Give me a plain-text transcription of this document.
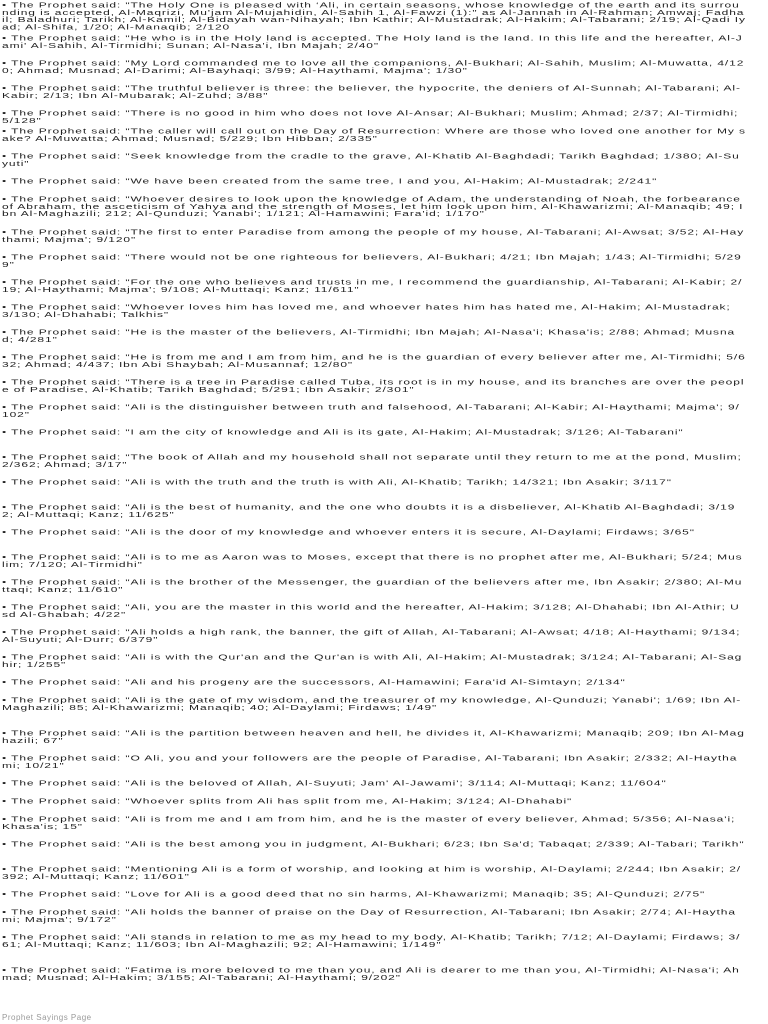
• The Prophet said: "The Holy One is pleased with ‘Ali, in certain seasons, whose knowledge of the earth and its surrounding is accepted, Al-Maqrizi, Mu'jam Al-Mujahidin, Al-Sahih 1, Al-Fawzi (1):" as Al-Jannah in Al-Rahman; Amwaj; Fadhail; Baladhuri; Tarikh; Al-Kamil; Al-Bidayah wan-Nihayah; Ibn Kathir; Al-Mustadrak; Al-Hakim; Al-Tabarani; 2/19; Al-Qadi Iyad; Al-Shifa, 1/20; Al-Manaqib; 2/120
• The Prophet said: "He who is in the Holy land is accepted. The Holy land is the land. In this life and the hereafter, Al-Jami' Al-Sahih, Al-Tirmidhi; Sunan; Al-Nasa'i, Ibn Majah; 2/40"
• The Prophet said: "My Lord commanded me to love all the companions, Al-Bukhari; Al-Sahih, Muslim; Al-Muwatta, 4/120; Ahmad; Musnad; Al-Darimi; Al-Bayhaqi; 3/99; Al-Haythami, Majma'; 1/30"
• The Prophet said: "The truthful believer is three: the believer, the hypocrite, the deniers of Al-Sunnah; Al-Tabarani; Al-Kabir; 2/13; Ibn Al-Mubarak; Al-Zuhd; 3/88"
• The Prophet said: "There is no good in him who does not love Al-Ansar; Al-Bukhari; Muslim; Ahmad; 2/37; Al-Tirmidhi; 5/128"
• The Prophet said: "The caller will call out on the Day of Resurrection: Where are those who loved one another for My sake? Al-Muwatta; Ahmad; Musnad; 5/229; Ibn Hibban; 2/335"
• The Prophet said: "Seek knowledge from the cradle to the grave, Al-Khatib Al-Baghdadi; Tarikh Baghdad; 1/380; Al-Suyuti"
• The Prophet said: "We have been created from the same tree, I and you, Al-Hakim; Al-Mustadrak; 2/241"
• The Prophet said: "Whoever desires to look upon the knowledge of Adam, the understanding of Noah, the forbearance of Abraham, the asceticism of Yahya and the strength of Moses, let him look upon him, Al-Khawarizmi; Al-Manaqib; 49; Ibn Al-Maghazili; 212; Al-Qunduzi; Yanabi'; 1/121; Al-Hamawini; Fara'id; 1/170"
• The Prophet said: "The first to enter Paradise from among the people of my house, Al-Tabarani; Al-Awsat; 3/52; Al-Haythami; Majma'; 9/120"
• The Prophet said: "There would not be one righteous for believers, Al-Bukhari; 4/21; Ibn Majah; 1/43; Al-Tirmidhi; 5/299"
• The Prophet said: "For the one who believes and trusts in me, I recommend the guardianship, Al-Tabarani; Al-Kabir; 2/19; Al-Haythami; Majma'; 9/108; Al-Muttaqi; Kanz; 11/611"
• The Prophet said: "Whoever loves him has loved me, and whoever hates him has hated me, Al-Hakim; Al-Mustadrak; 3/130; Al-Dhahabi; Talkhis"
• The Prophet said: "He is the master of the believers, Al-Tirmidhi; Ibn Majah; Al-Nasa'i; Khasa'is; 2/88; Ahmad; Musnad; 4/281"
• The Prophet said: "He is from me and I am from him, and he is the guardian of every believer after me, Al-Tirmidhi; 5/632; Ahmad; 4/437; Ibn Abi Shaybah; Al-Musannaf; 12/80"
• The Prophet said: "There is a tree in Paradise called Tuba, its root is in my house, and its branches are over the people of Paradise, Al-Khatib; Tarikh Baghdad; 5/291; Ibn Asakir; 2/301"
• The Prophet said: "Ali is the distinguisher between truth and falsehood, Al-Tabarani; Al-Kabir; Al-Haythami; Majma'; 9/102"
• The Prophet said: "I am the city of knowledge and Ali is its gate, Al-Hakim; Al-Mustadrak; 3/126; Al-Tabarani"
• The Prophet said: "The book of Allah and my household shall not separate until they return to me at the pond, Muslim; 2/362; Ahmad; 3/17"
• The Prophet said: "Ali is with the truth and the truth is with Ali, Al-Khatib; Tarikh; 14/321; Ibn Asakir; 3/117"
• The Prophet said: "Ali is the best of humanity, and the one who doubts it is a disbeliever, Al-Khatib Al-Baghdadi; 3/192; Al-Muttaqi; Kanz; 11/625"
• The Prophet said: "Ali is the door of my knowledge and whoever enters it is secure, Al-Daylami; Firdaws; 3/65"
• The Prophet said: "Ali is to me as Aaron was to Moses, except that there is no prophet after me, Al-Bukhari; 5/24; Muslim; 7/120; Al-Tirmidhi"
• The Prophet said: "Ali is the brother of the Messenger, the guardian of the believers after me, Ibn Asakir; 2/380; Al-Muttaqi; Kanz; 11/610"
• The Prophet said: "Ali, you are the master in this world and the hereafter, Al-Hakim; 3/128; Al-Dhahabi; Ibn Al-Athir; Usd Al-Ghabah; 4/22"
• The Prophet said: "Ali holds a high rank, the banner, the gift of Allah, Al-Tabarani; Al-Awsat; 4/18; Al-Haythami; 9/134; Al-Suyuti; Al-Durr; 6/379"
• The Prophet said: "Ali is with the Qur'an and the Qur'an is with Ali, Al-Hakim; Al-Mustadrak; 3/124; Al-Tabarani; Al-Saghir; 1/255"
• The Prophet said: "Ali and his progeny are the successors, Al-Hamawini; Fara'id Al-Simtayn; 2/134"
• The Prophet said: "Ali is the gate of my wisdom, and the treasurer of my knowledge, Al-Qunduzi; Yanabi'; 1/69; Ibn Al-Maghazili; 85; Al-Khawarizmi; Manaqib; 40; Al-Daylami; Firdaws; 1/49"
• The Prophet said: "Ali is the partition between heaven and hell, he divides it, Al-Khawarizmi; Manaqib; 209; Ibn Al-Maghazili; 67"
• The Prophet said: "O Ali, you and your followers are the people of Paradise, Al-Tabarani; Ibn Asakir; 2/332; Al-Haythami; 10/21"
• The Prophet said: "Ali is the beloved of Allah, Al-Suyuti; Jam' Al-Jawami'; 3/114; Al-Muttaqi; Kanz; 11/604"
• The Prophet said: "Whoever splits from Ali has split from me, Al-Hakim; 3/124; Al-Dhahabi"
• The Prophet said: "Ali is from me and I am from him, and he is the master of every believer, Ahmad; 5/356; Al-Nasa'i; Khasa'is; 15"
• The Prophet said: "Ali is the best among you in judgment, Al-Bukhari; 6/23; Ibn Sa'd; Tabaqat; 2/339; Al-Tabari; Tarikh"
• The Prophet said: "Mentioning Ali is a form of worship, and looking at him is worship, Al-Daylami; 2/244; Ibn Asakir; 2/392; Al-Muttaqi; Kanz; 11/601"
• The Prophet said: "Love for Ali is a good deed that no sin harms, Al-Khawarizmi; Manaqib; 35; Al-Qunduzi; 2/75"
• The Prophet said: "Ali holds the banner of praise on the Day of Resurrection, Al-Tabarani; Ibn Asakir; 2/74; Al-Haythami; Majma'; 9/172"
• The Prophet said: "Ali stands in relation to me as my head to my body, Al-Khatib; Tarikh; 7/12; Al-Daylami; Firdaws; 3/61; Al-Muttaqi; Kanz; 11/603; Ibn Al-Maghazili; 92; Al-Hamawini; 1/149"
• The Prophet said: "Fatima is more beloved to me than you, and Ali is dearer to me than you, Al-Tirmidhi; Al-Nasa'i; Ahmad; Musnad; Al-Hakim; 3/155; Al-Tabarani; Al-Haythami; 9/202"
Prophet Sayings Page
